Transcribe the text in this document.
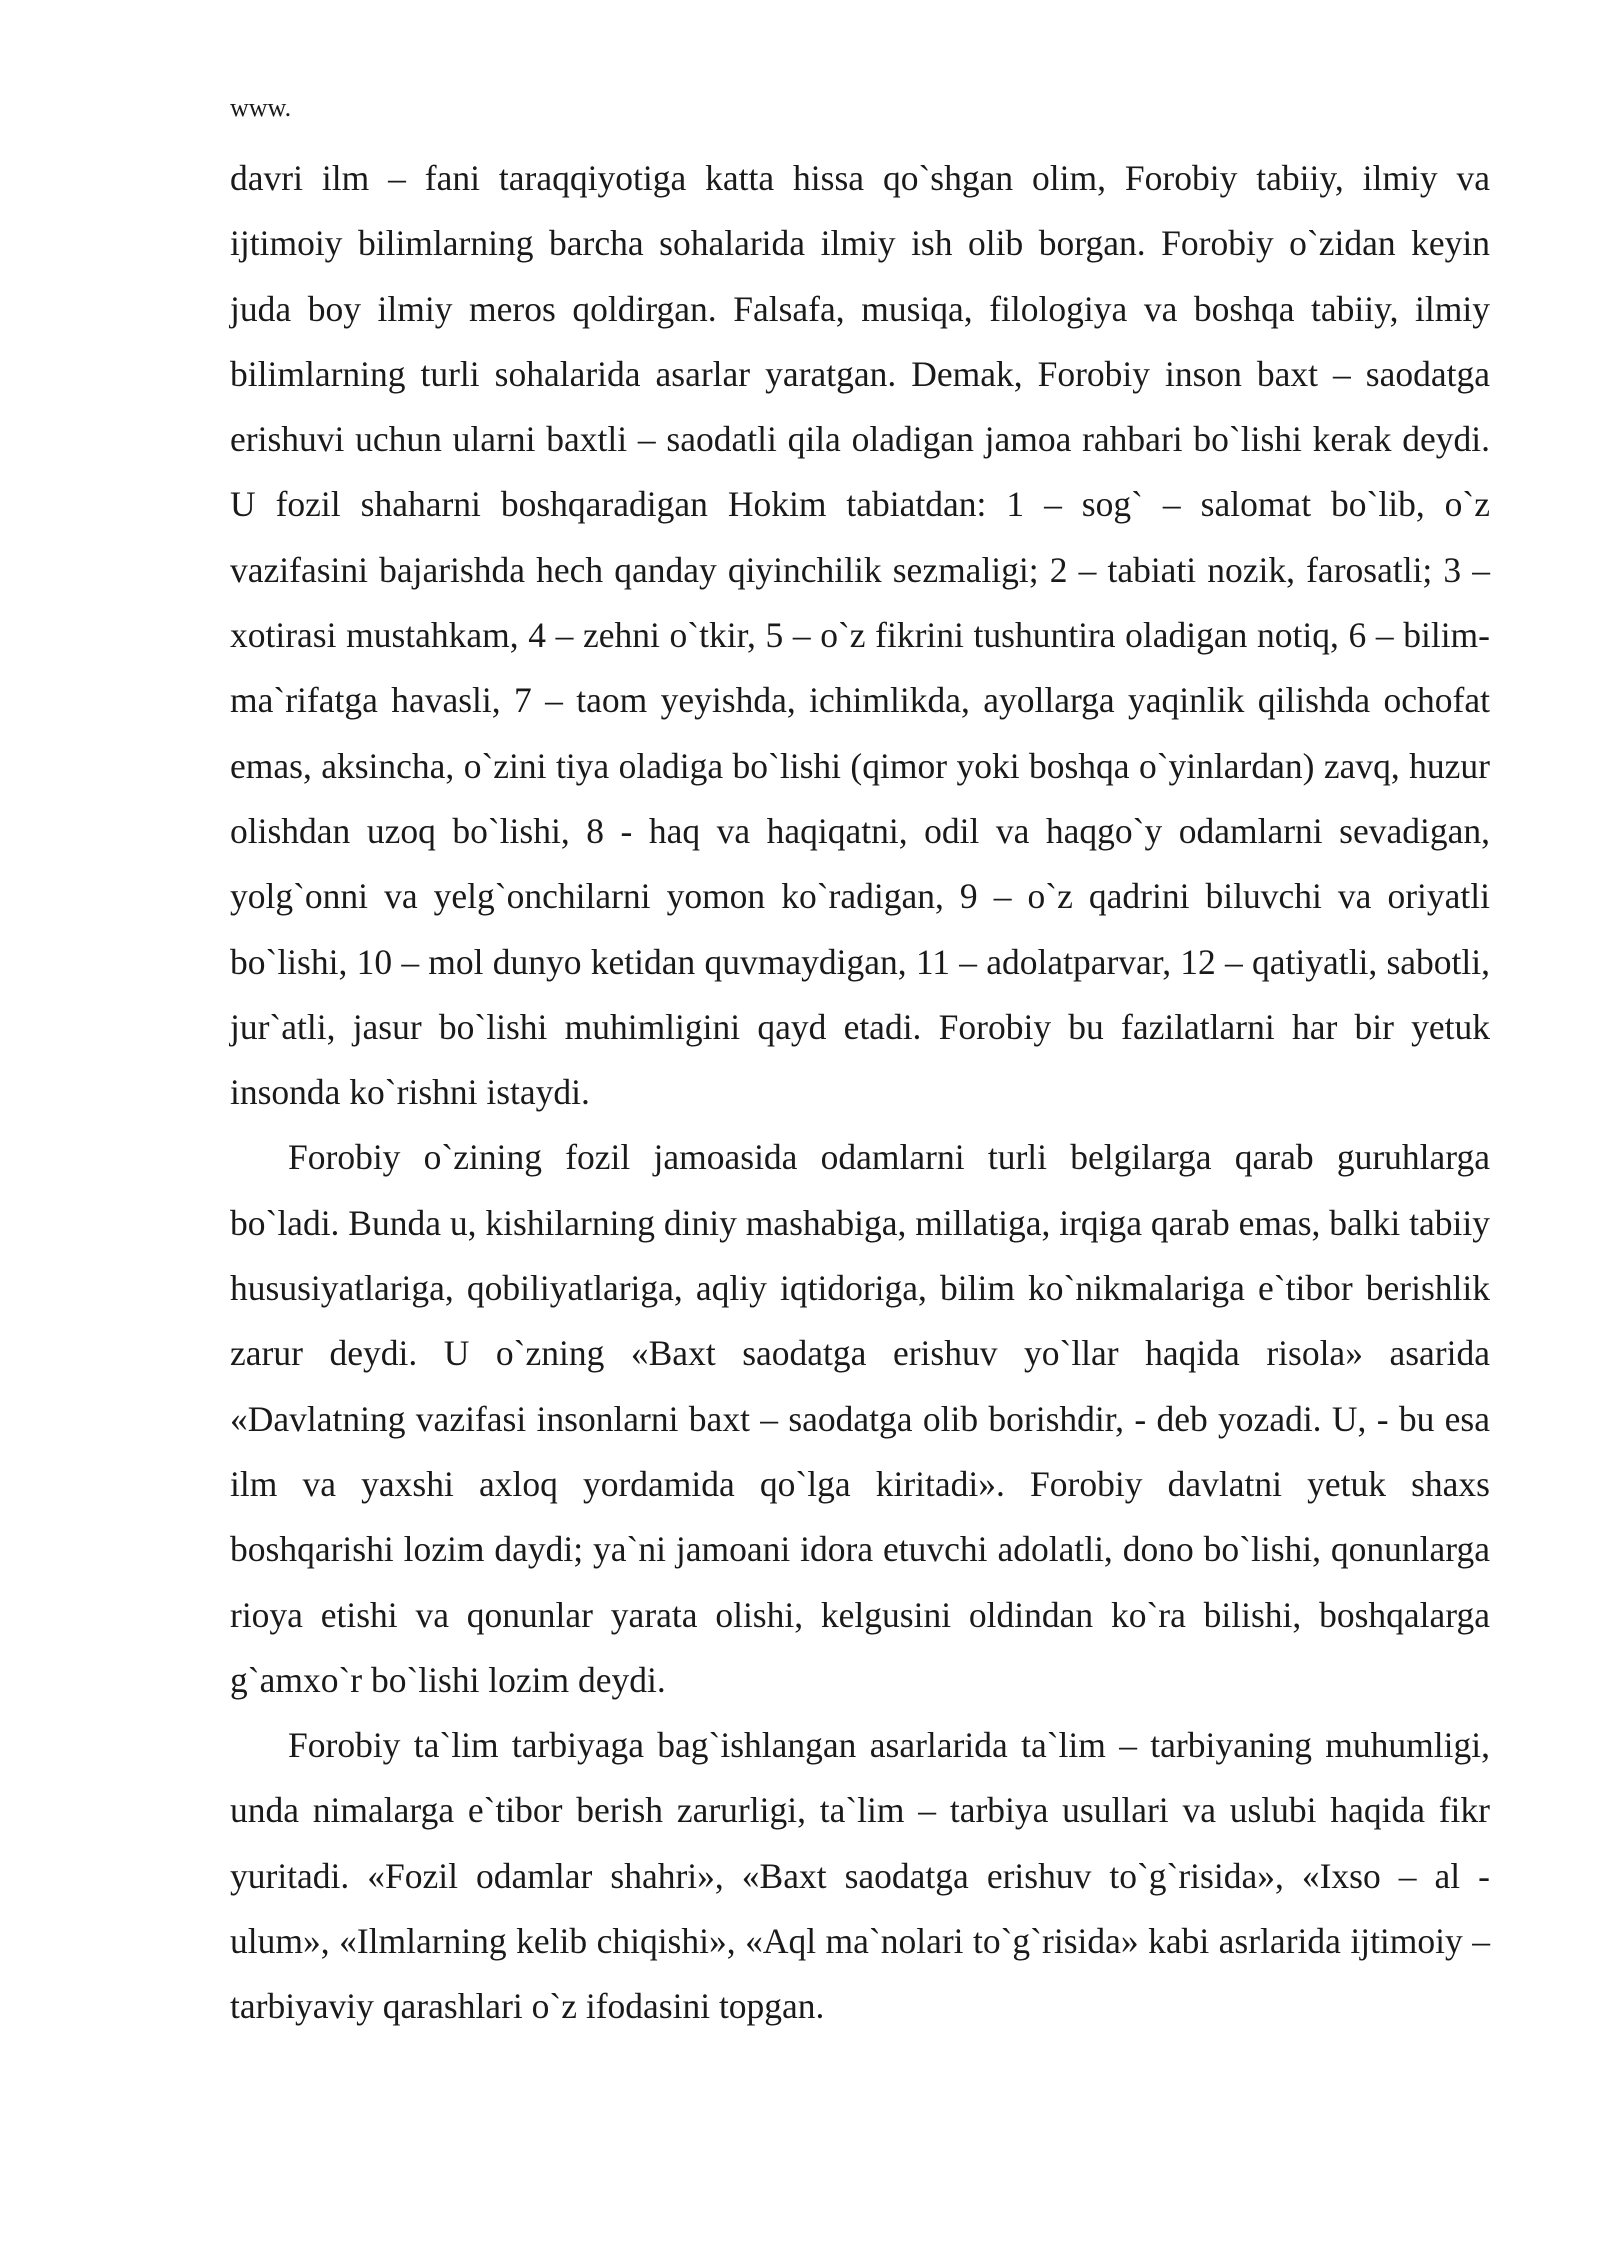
www.

davri ilm – fani taraqqiyotiga katta hissa qo`shgan olim, Forobiy tabiiy, ilmiy va ijtimoiy bilimlarning barcha sohalarida ilmiy ish olib borgan. Forobiy o`zidan keyin juda boy ilmiy meros qoldirgan. Falsafa, musiqa, filologiya va boshqa tabiiy, ilmiy bilimlarning turli sohalarida asarlar yaratgan. Demak, Forobiy inson baxt – saodatga erishuvi uchun ularni baxtli – saodatli qila oladigan jamoa rahbari bo`lishi kerak deydi. U fozil shaharni boshqaradigan Hokim tabiatdan: 1 – sog` – salomat bo`lib, o`z vazifasini bajarishda hech qanday qiyinchilik sezmaligi; 2 – tabiati nozik, farosatli; 3 – xotirasi mustahkam, 4 – zehni o`tkir, 5 – o`z fikrini tushuntira oladigan notiq, 6 – bilim-ma`rifatga havasli, 7 – taom yeyishda, ichimlikda, ayollarga yaqinlik qilishda ochofat emas, aksincha, o`zini tiya oladiga bo`lishi (qimor yoki boshqa o`yinlardan) zavq, huzur olishdan uzoq bo`lishi, 8 - haq va haqiqatni, odil va haqgo`y odamlarni sevadigan, yolg`onni va yelg`onchilarni yomon ko`radigan, 9 – o`z qadrini biluvchi va oriyatli bo`lishi, 10 – mol dunyo ketidan quvmaydigan, 11 – adolatparvar, 12 – qatiyatli, sabotli, jur`atli, jasur bo`lishi muhimligini qayd etadi. Forobiy bu fazilatlarni har bir yetuk insonda ko`rishni istaydi.

Forobiy o`zining fozil jamoasida odamlarni turli belgilarga qarab guruhlarga bo`ladi. Bunda u, kishilarning diniy mashabiga, millatiga, irqiga qarab emas, balki tabiiy hususiyatlariga, qobiliyatlariga, aqliy iqtidoriga, bilim ko`nikmalariga e`tibor berishlik zarur deydi. U o`zning «Baxt saodatga erishuv yo`llar haqida risola» asarida «Davlatning vazifasi insonlarni baxt – saodatga olib borishdir, - deb yozadi. U, - bu esa ilm va yaxshi axloq yordamida qo`lga kiritadi». Forobiy davlatni yetuk shaxs boshqarishi lozim daydi; ya`ni jamoani idora etuvchi adolatli, dono bo`lishi, qonunlarga rioya etishi va qonunlar yarata olishi, kelgusini oldindan ko`ra bilishi, boshqalarga g`amxo`r bo`lishi lozim deydi.

Forobiy ta`lim tarbiyaga bag`ishlangan asarlarida ta`lim – tarbiyaning muhumligi, unda nimalarga e`tibor berish zarurligi, ta`lim – tarbiya usullari va uslubi haqida fikr yuritadi. «Fozil odamlar shahri», «Baxt saodatga erishuv to`g`risida», «Ixso – al - ulum», «Ilmlarning kelib chiqishi», «Aql ma`nolari to`g`risida» kabi asrlarida ijtimoiy – tarbiyaviy qarashlari o`z ifodasini topgan.
